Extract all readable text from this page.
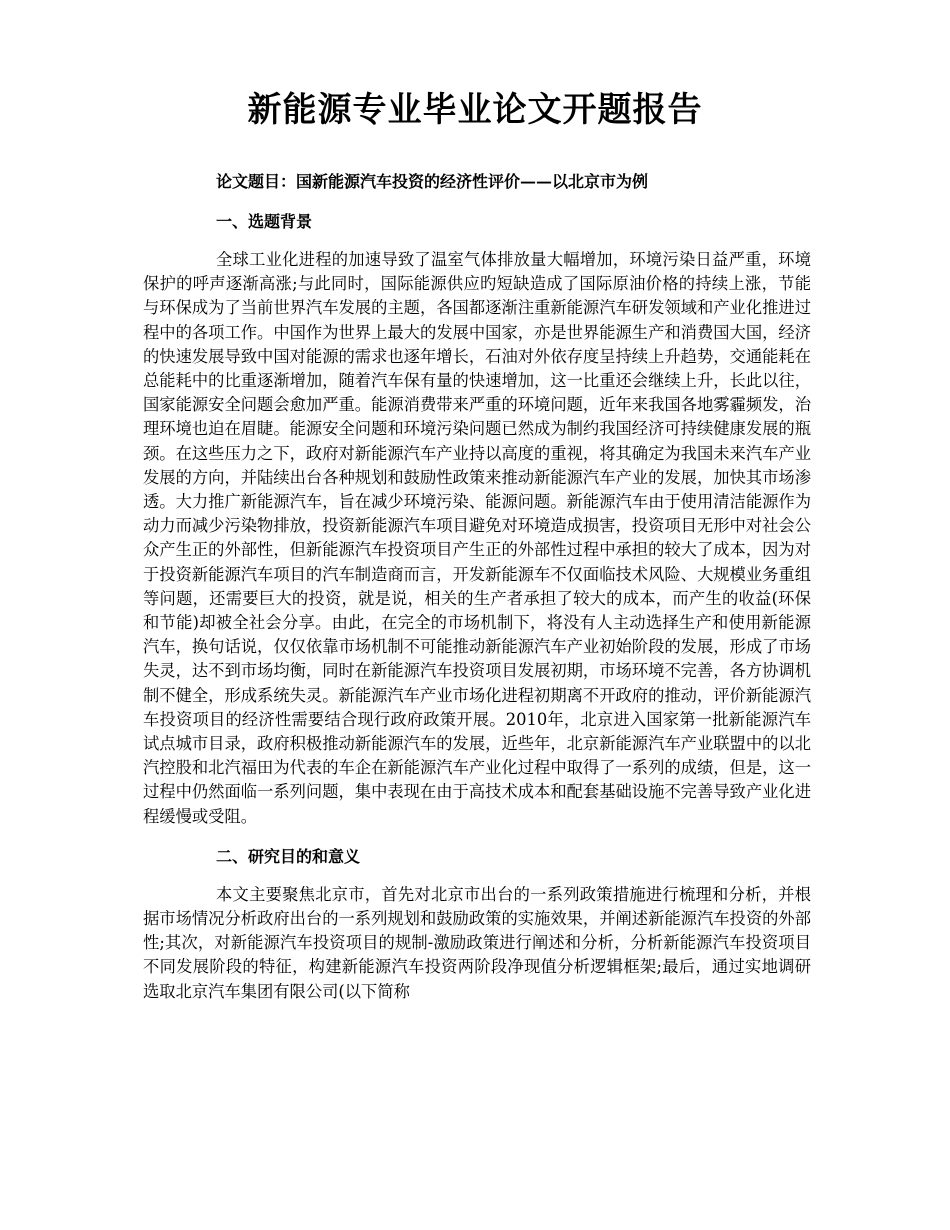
新能源专业毕业论文开题报告

论文题目：国新能源汽车投资的经济性评价——以北京市为例

一、选题背景

全球工业化进程的加速导致了温室气体排放量大幅增加，环境污染日益严重，环境保护的呼声逐渐高涨;与此同时，国际能源供应旳短缺造成了国际原油价格的持续上涨，节能与环保成为了当前世界汽车发展的主题，各国都逐渐注重新能源汽车研发领域和产业化推进过程中的各项工作。中国作为世界上最大的发展中国家，亦是世界能源生产和消费国大国，经济的快速发展导致中国对能源的需求也逐年增长，石油对外依存度呈持续上升趋势，交通能耗在总能耗中的比重逐渐增加，随着汽车保有量的快速增加，这一比重还会继续上升，长此以往，国家能源安全问题会愈加严重。能源消费带来严重的环境问题，近年来我国各地雾霾频发，治理环境也迫在眉睫。能源安全问题和环境污染问题已然成为制约我国经济可持续健康发展的瓶颈。在这些压力之下，政府对新能源汽车产业持以高度的重视，将其确定为我国未来汽车产业发展的方向，并陆续出台各种规划和鼓励性政策来推动新能源汽车产业的发展，加快其市场渗透。大力推广新能源汽车，旨在减少环境污染、能源问题。新能源汽车由于使用清洁能源作为动力而减少污染物排放，投资新能源汽车项目避免对环境造成损害，投资项目无形中对社会公众产生正的外部性，但新能源汽车投资项目产生正的外部性过程中承担的较大了成本，因为对于投资新能源汽车项目的汽车制造商而言，开发新能源车不仅面临技术风险、大规模业务重组等问题，还需要巨大的投资，就是说，相关的生产者承担了较大的成本，而产生的收益(环保和节能)却被全社会分享。由此，在完全的市场机制下，将没有人主动选择生产和使用新能源汽车，换句话说，仅仅依靠市场机制不可能推动新能源汽车产业初始阶段的发展，形成了市场失灵，达不到市场均衡，同时在新能源汽车投资项目发展初期，市场环境不完善，各方协调机制不健全，形成系统失灵。新能源汽车产业市场化进程初期离不开政府的推动，评价新能源汽车投资项目的经济性需要结合现行政府政策开展。2010年，北京进入国家第一批新能源汽车试点城市目录，政府积极推动新能源汽车的发展，近些年，北京新能源汽车产业联盟中的以北汽控股和北汽福田为代表的车企在新能源汽车产业化过程中取得了一系列的成绩，但是，这一过程中仍然面临一系列问题，集中表现在由于高技术成本和配套基础设施不完善导致产业化进程缓慢或受阻。

二、研究目的和意义

本文主要聚焦北京市，首先对北京市出台的一系列政策措施进行梳理和分析，并根据市场情况分析政府出台的一系列规划和鼓励政策的实施效果，并阐述新能源汽车投资的外部性;其次，对新能源汽车投资项目的规制-激励政策进行阐述和分析，分析新能源汽车投资项目不同发展阶段的特征，构建新能源汽车投资两阶段净现值分析逻辑框架;最后，通过实地调研选取北京汽车集团有限公司(以下简称
